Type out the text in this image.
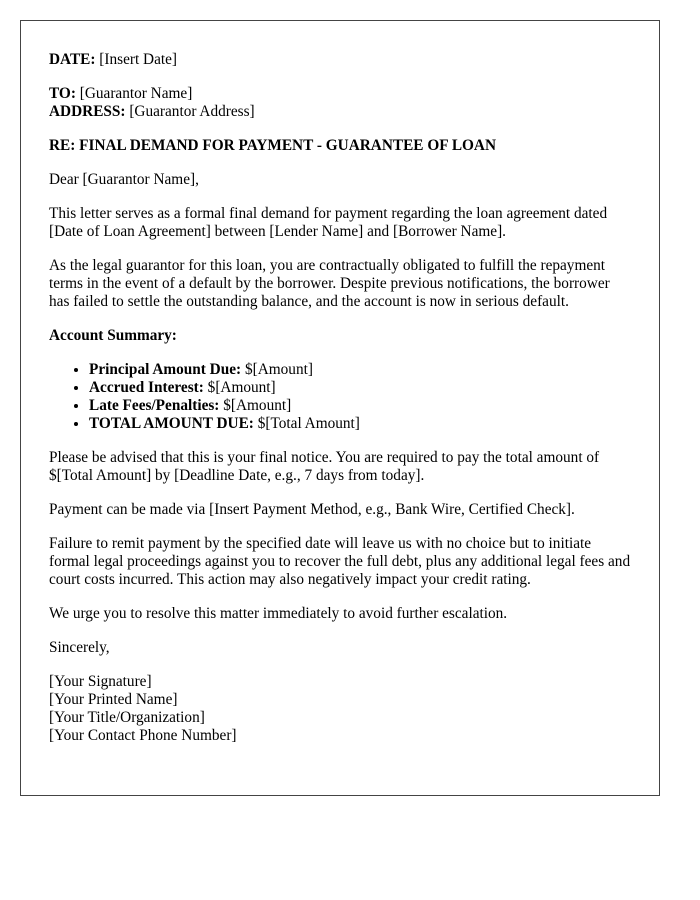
DATE: [Insert Date]
TO: [Guarantor Name]
ADDRESS: [Guarantor Address]

RE: FINAL DEMAND FOR PAYMENT - GUARANTEE OF LOAN

Dear [Guarantor Name],

This letter serves as a formal final demand for payment regarding the loan agreement dated [Date of Loan Agreement] between [Lender Name] and [Borrower Name].

As the legal guarantor for this loan, you are contractually obligated to fulfill the repayment terms in the event of a default by the borrower. Despite previous notifications, the borrower has failed to settle the outstanding balance, and the account is now in serious default.

Account Summary:

• Principal Amount Due: $[Amount]
• Accrued Interest: $[Amount]
• Late Fees/Penalties: $[Amount]
• TOTAL AMOUNT DUE: $[Total Amount]

Please be advised that this is your final notice. You are required to pay the total amount of $[Total Amount] by [Deadline Date, e.g., 7 days from today].

Payment can be made via [Insert Payment Method, e.g., Bank Wire, Certified Check].

Failure to remit payment by the specified date will leave us with no choice but to initiate formal legal proceedings against you to recover the full debt, plus any additional legal fees and court costs incurred. This action may also negatively impact your credit rating.

We urge you to resolve this matter immediately to avoid further escalation.

Sincerely,

[Your Signature]
[Your Printed Name]
[Your Title/Organization]
[Your Contact Phone Number]
